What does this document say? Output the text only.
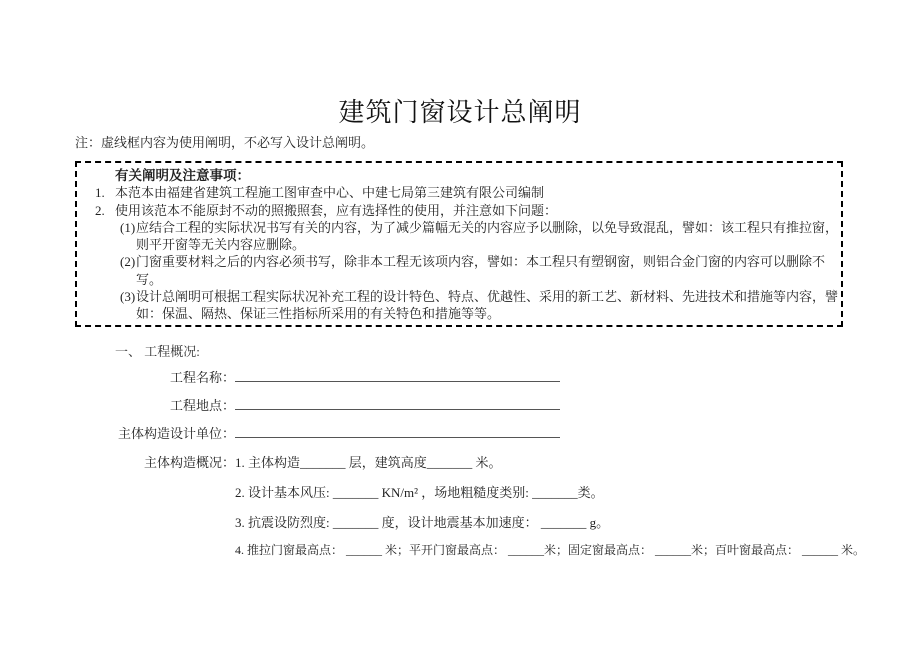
建筑门窗设计总阐明
注：虚线框内容为使用阐明，不必写入设计总阐明。
有关阐明及注意事项：
1. 本范本由福建省建筑工程施工图审查中心、中建七局第三建筑有限公司编制
2. 使用该范本不能原封不动的照搬照套，应有选择性的使用，并注意如下问题：
(1)应结合工程的实际状况书写有关的内容，为了减少篇幅无关的内容应予以删除，以免导致混乱，譬如：该工程只有推拉窗，则平开窗等无关内容应删除。
(2)门窗重要材料之后的内容必须书写，除非本工程无该项内容，譬如：本工程只有塑钢窗，则铝合金门窗的内容可以删除不写。
(3)设计总阐明可根据工程实际状况补充工程的设计特色、特点、优越性、采用的新工艺、新材料、先进技术和措施等内容，譬如：保温、隔热、保证三性指标所采用的有关特色和措施等等。
一、 工程概况:
工程名称：
工程地点：
主体构造设计单位：
主体构造概况：1. 主体构造_______ 层，建筑高度_______ 米。
2. 设计基本风压: _______ KN/m² ，场地粗糙度类别: _______类。
3. 抗震设防烈度: _______ 度，设计地震基本加速度： _______ g。
4. 推拉门窗最高点： ______ 米；平开门窗最高点： ______米；固定窗最高点： ______米；百叶窗最高点： ______ 米。
